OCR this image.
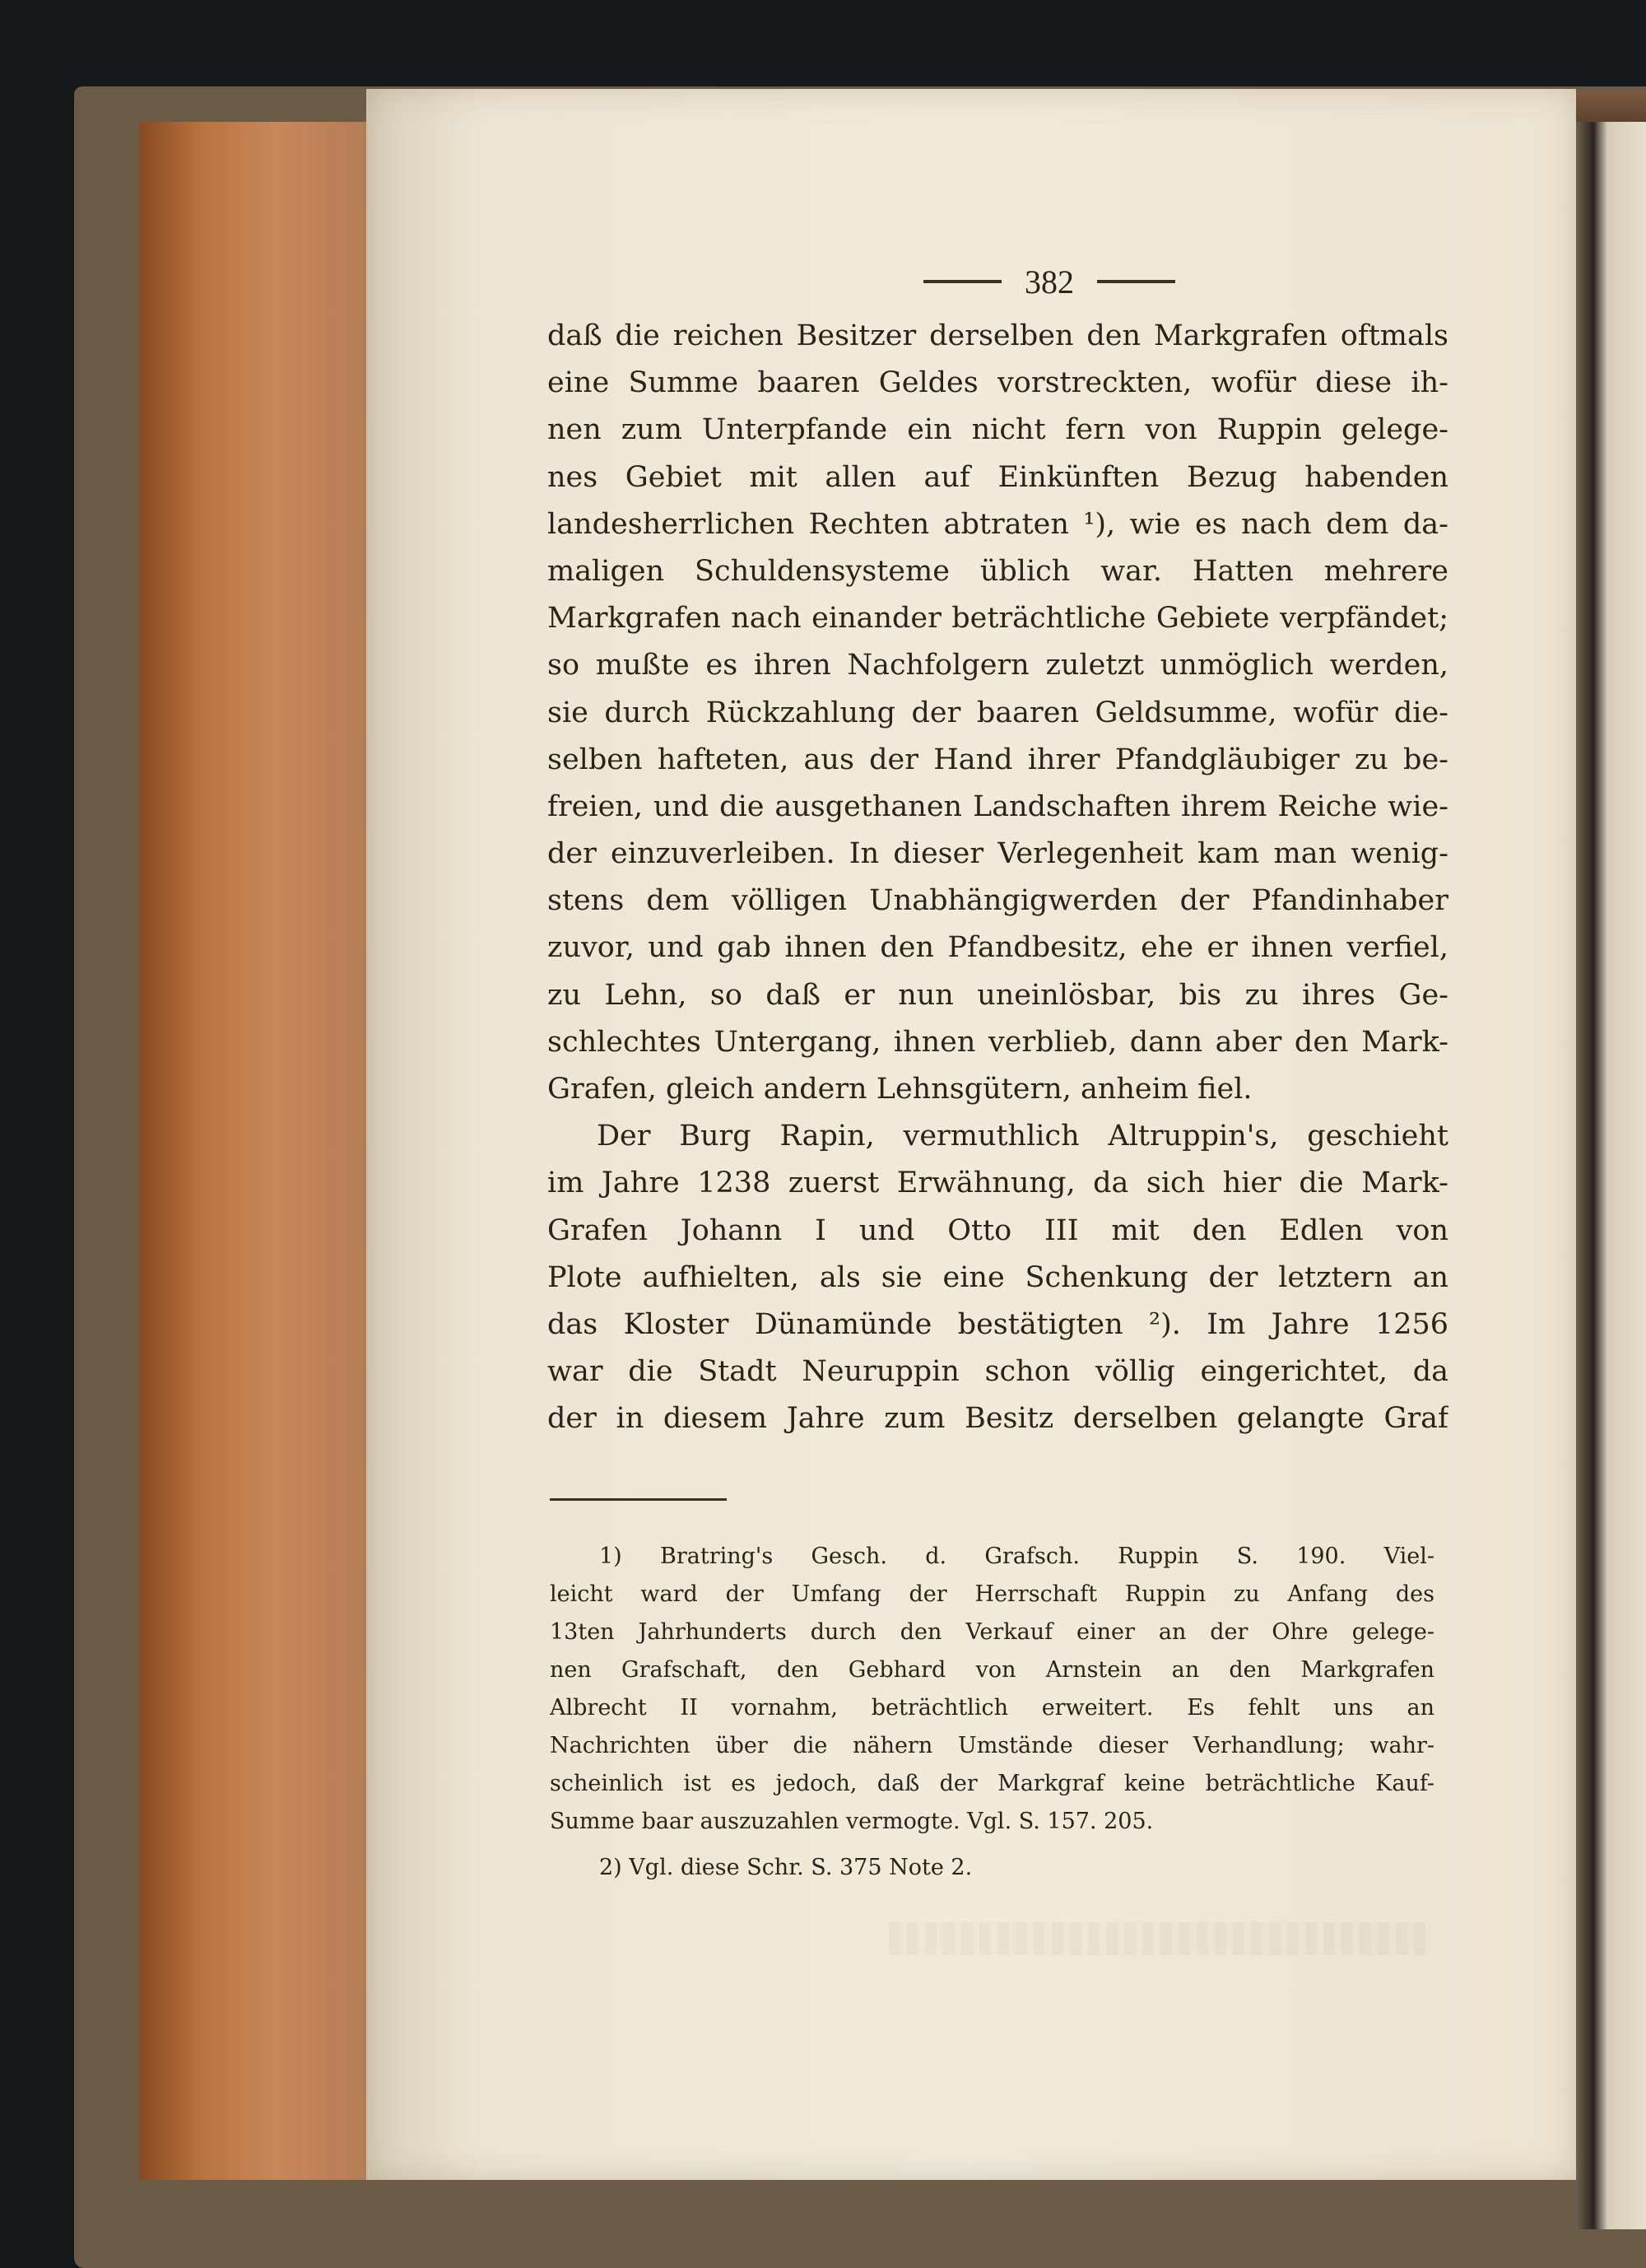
382
daß die reichen Besitzer derselben den Markgrafen oftmals
eine Summe baaren Geldes vorstreckten, wofür diese ih-
nen zum Unterpfande ein nicht fern von Ruppin gelege-
nes Gebiet mit allen auf Einkünften Bezug habenden
landesherrlichen Rechten abtraten ¹), wie es nach dem da-
maligen Schuldensysteme üblich war. Hatten mehrere
Markgrafen nach einander beträchtliche Gebiete verpfändet;
so mußte es ihren Nachfolgern zuletzt unmöglich werden,
sie durch Rückzahlung der baaren Geldsumme, wofür die-
selben hafteten, aus der Hand ihrer Pfandgläubiger zu be-
freien, und die ausgethanen Landschaften ihrem Reiche wie-
der einzuverleiben. In dieser Verlegenheit kam man wenig-
stens dem völligen Unabhängigwerden der Pfandinhaber
zuvor, und gab ihnen den Pfandbesitz, ehe er ihnen verfiel,
zu Lehn, so daß er nun uneinlösbar, bis zu ihres Ge-
schlechtes Untergang, ihnen verblieb, dann aber den Mark-
Grafen, gleich andern Lehnsgütern, anheim fiel.
Der Burg Rapin, vermuthlich Altruppin's, geschieht
im Jahre 1238 zuerst Erwähnung, da sich hier die Mark-
Grafen Johann I und Otto III mit den Edlen von
Plote aufhielten, als sie eine Schenkung der letztern an
das Kloster Dünamünde bestätigten ²). Im Jahre 1256
war die Stadt Neuruppin schon völlig eingerichtet, da
der in diesem Jahre zum Besitz derselben gelangte Graf
1) Bratring's Gesch. d. Grafsch. Ruppin S. 190. Viel-
leicht ward der Umfang der Herrschaft Ruppin zu Anfang des
13ten Jahrhunderts durch den Verkauf einer an der Ohre gelege-
nen Grafschaft, den Gebhard von Arnstein an den Markgrafen
Albrecht II vornahm, beträchtlich erweitert. Es fehlt uns an
Nachrichten über die nähern Umstände dieser Verhandlung; wahr-
scheinlich ist es jedoch, daß der Markgraf keine beträchtliche Kauf-
Summe baar auszuzahlen vermogte. Vgl. S. 157. 205.
2) Vgl. diese Schr. S. 375 Note 2.
